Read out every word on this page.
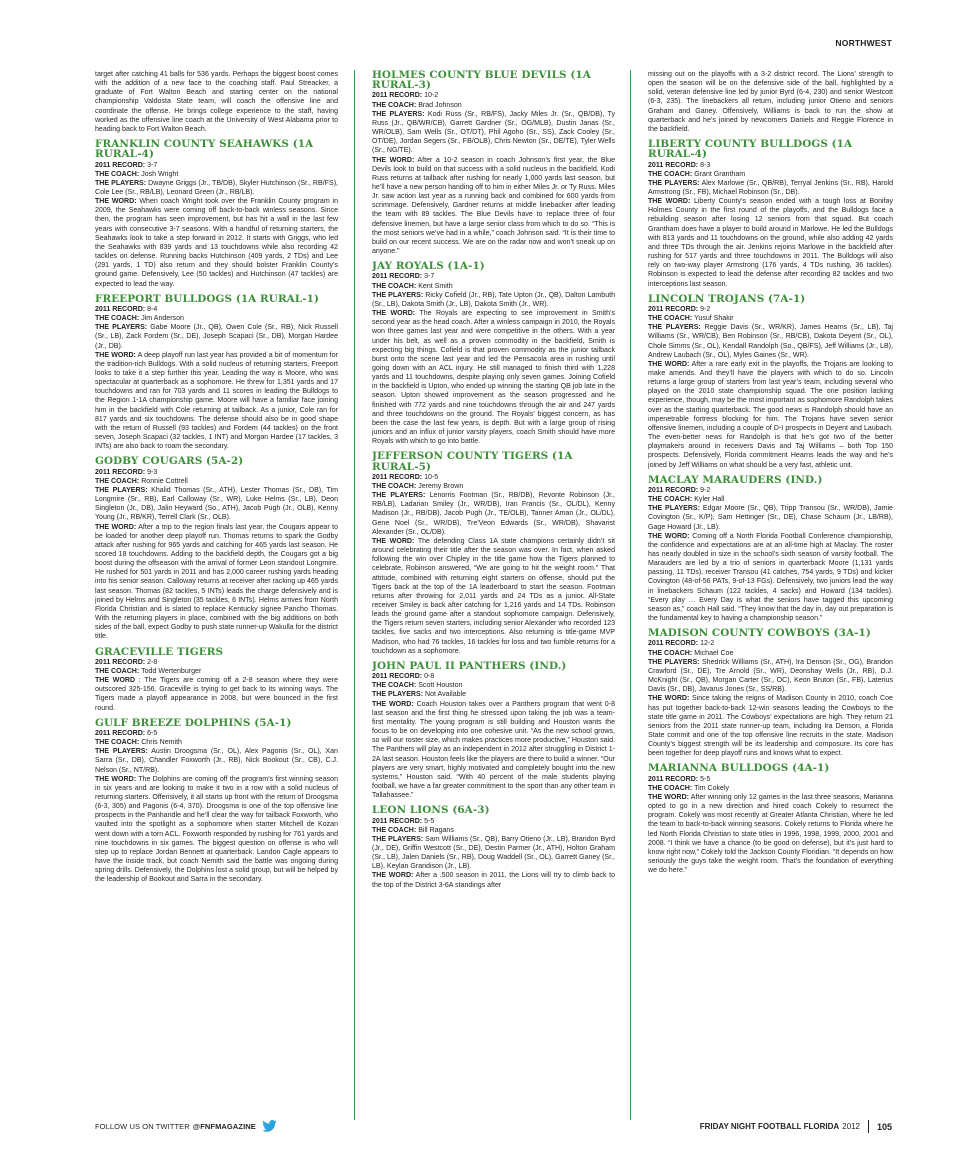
NORTHWEST

target after catching 41 balls for 536 yards. Perhaps the biggest boost comes with the addition of a new face to the coaching staff. Paul Streacker, a graduate of Fort Walton Beach and starting center on the national championship Valdosta State team, will coach the offensive line and coordinate the offense. He brings college experience to the staff, having worked as the offensive line coach at the University of West Alabama prior to heading back to Fort Walton Beach.

FRANKLIN COUNTY SEAHAWKS (1A RURAL-4)

2011 RECORD: 3-7

THE COACH: Josh Wright

THE PLAYERS: Dwayne Griggs (Jr., TB/DB), Skyler Hutchinson (Sr., RB/FS), Cole Lee (Sr., RB/LB), Leonard Green (Jr., RB/LB).

THE WORD: When coach Wright took over the Franklin County program in 2009, the Seahawks were coming off back-to-back winless seasons. Since then, the program has seen improvement, but has hit a wall in the last few years with consecutive 3-7 seasons. With a handful of returning starters, the Seahawks look to take a step forward in 2012. It starts with Griggs, who led the Seahawks with 839 yards and 13 touchdowns while also recording 42 tackles on defense. Running backs Hutchinson (409 yards, 2 TDs) and Lee (291 yards, 1 TD) also return and they should bolster Franklin County’s ground game. Defensively, Lee (50 tackles) and Hutchinson (47 tackles) are expected to lead the way.

FREEPORT BULLDOGS (1A RURAL-1)

2011 RECORD: 8-4

THE COACH: Jim Anderson

THE PLAYERS: Gabe Moore (Jr., QB), Owen Cole (Sr., RB), Nick Russell (Sr., LB), Zack Fordem (Sr., DE), Joseph Scapaci (Sr., DB), Morgan Hardee (Jr., DB).

THE WORD: A deep playoff run last year has provided a bit of momentum for the tradition-rich Bulldogs. With a solid nucleus of returning starters, Freeport looks to take it a step further this year. Leading the way is Moore, who was spectacular at quarterback as a sophomore. He threw for 1,351 yards and 17 touchdowns and ran for 703 yards and 11 scores in leading the Bulldogs to the Region 1-1A championship game. Moore will have a familiar face joining him in the backfield with Cole returning at tailback. As a junior, Cole ran for 817 yards and six touchdowns. The defense should also be in good shape with the return of Russell (93 tackles) and Fordem (44 tackles) on the front seven, Joseph Scapaci (32 tackles, 1 INT) and Morgan Hardee (17 tackles, 3 INTs) are also back to roam the secondary.

GODBY COUGARS (5A-2)

2011 RECORD: 9-3

THE COACH: Ronnie Cottrell

THE PLAYERS: Khalid Thomas (Sr., ATH), Lester Thomas (Sr., DB), Tim Longmire (Sr., RB), Earl Calloway (Sr., WR), Luke Helms (Sr., LB), Deon Singleton (Jr., DB), Jalin Heyward (So., ATH), Jacob Pugh (Jr., OLB), Kenny Young (Jr., RB/KR), Terrell Clark (Sr., OLB).

THE WORD: After a trip to the region finals last year, the Cougars appear to be loaded for another deep playoff run. Thomas returns to spark the Godby attack after rushing for 965 yards and catching for 465 yards last season. He scored 18 touchdowns. Adding to the backfield depth, the Cougars got a big boost during the offseason with the arrival of former Leon standout Longmire. He rushed for 501 yards in 2011 and has 2,000 career rushing yards heading into his senior season. Calloway returns at receiver after racking up 465 yards last season. Thomas (82 tackles, 5 INTs) leads the charge defensively and is joined by Helms and Singleton (35 tackles, 6 INTs). Helms arrives from North Florida Christian and is slated to replace Kentucky signee Pancho Thomas. With the returning players in place, combined with the big additions on both sides of the ball, expect Godby to push state runner-up Wakulla for the district title.

GRACEVILLE TIGERS

2011 RECORD: 2-8

THE COACH: Todd Wertenburger

THE WORD : The Tigers are coming off a 2-8 season where they were outscored 325-156. Graceville is trying to get back to its winning ways. The Tigers made a playoff appearance in 2008, but were bounced in the first round.

GULF BREEZE DOLPHINS (5A-1)

2011 RECORD: 6-5

THE COACH: Chris Nemith

THE PLAYERS: Austin Droogsma (Sr., OL), Alex Pagonis (Sr., OL), Xan Sarra (Sr., DB), Chandler Foxworth (Jr., RB), Nick Bookout (Sr., CB), C.J. Nelson (Sr., NT/RB).

THE WORD: The Dolphins are coming off the program’s first winning season in six years and are looking to make it two in a row with a solid nucleus of returning starters. Offensively, it all starts up front with the return of Droogsma (6-3, 305) and Pagonis (6-4, 370). Droogsma is one of the top offensive line prospects in the Panhandle and he’ll clear the way for tailback Foxworth, who vaulted into the spotlight as a sophomore when starter Mitchell de Kozan went down with a torn ACL. Foxworth responded by rushing for 761 yards and nine touchdowns in six games. The biggest question on offense is who will step up to replace Jordan Bennett at quarterback. Landon Cagle appears to have the inside track, but coach Nemith said the battle was ongoing during spring drills. Defensively, the Dolphins lost a solid group, but will be helped by the leadership of Bookout and Sarra in the secondary.

HOLMES COUNTY BLUE DEVILS (1A RURAL-3)

2011 RECORD: 10-2

THE COACH: Brad Johnson

THE PLAYERS: Kodi Russ (Sr., RB/FS), Jacky Miles Jr. (Sr., QB/DB), Ty Russ (Jr., QB/WR/CB), Garrett Gardner (Sr., OG/MLB), Dustin Janas (Sr., WR/OLB), Sam Wells (Sr., OT/DT), Phil Agoho (Sr., SS), Zack Cooley (Sr., OT/DE), Jordan Segers (Sr., FB/OLB), Chris Newton (Sr., DE/TE), Tyler Wells (Sr., NG/TE).

THE WORD: After a 10-2 season in coach Johnson’s first year, the Blue Devils look to build on that success with a solid nucleus in the backfield. Kodi Russ returns at tailback after rushing for nearly 1,000 yards last season, but he’ll have a new person handing off to him in either Miles Jr. or Ty Russ. Miles Jr. saw action last year as a running back and combined for 600 yards from scrimmage. Defensively, Gardner returns at middle linebacker after leading the team with 89 tackles. The Blue Devils have to replace three of four defensive linemen, but have a large senior class from which to do so. “This is the most seniors we’ve had in a while,” coach Johnson said. “It is their time to build on our recent success. We are on the radar now and won’t sneak up on anyone.”

JAY ROYALS (1A-1)

2011 RECORD: 3-7

THE COACH: Kent Smith

THE PLAYERS: Ricky Cofield (Jr., RB), Tate Upton (Jr., QB), Dalton Lambuth (Sr., LB), Dakota Smith (Jr., LB), Dakota Smith (Jr., WR).

THE WORD: The Royals are expecting to see improvement in Smith’s second year as the head coach. After a winless campaign in 2010, the Royals won three games last year and were competitive in the others. With a year under his belt, as well as a proven commodity in the backfield, Smith is expecting big things. Cofield is that proven commodity as the junior tailback burst onto the scene last year and led the Pensacola area in rushing until going down with an ACL injury. He still managed to finish third with 1,228 yards and 11 touchdowns, despite playing only seven games. Joining Cofield in the backfield is Upton, who ended up winning the starting QB job late in the season. Upton showed improvement as the season progressed and he finished with 772 yards and nine touchdowns through the air and 247 yards and three touchdowns on the ground. The Royals’ biggest concern, as has been the case the last few years, is depth. But with a large group of rising juniors and an influx of junior varsity players, coach Smith should have more Royals with which to go into battle.

JEFFERSON COUNTY TIGERS (1A RURAL-5)

2011 RECORD: 10-5

THE COACH: Jeremy Brown

THE PLAYERS: Lenorris Footman (Sr., RB/DB), Revonte Robinson (Jr., RB/LB), Ladarian Smiley (Jr., WR/DB), Iran Francis (Sr., OL/DL), Kenny Madison (Jr., RB/DB), Jacob Pugh (Jr., TE/OLB), Tanner Aman (Jr., OL/DL), Gene Noel (Sr., WR/DB), Tre’Veon Edwards (Sr., WR/DB), Shavarist Alexander (Sr., OL/DB).

THE WORD: The defending Class 1A state champions certainly didn’t sit around celebrating their title after the season was over. In fact, when asked following the win over Chipley in the title game how the Tigers planned to celebrate, Robinson answered, “We are going to hit the weight room.” That attitude, combined with returning eight starters on offense, should put the Tigers back at the top of the 1A leaderboard to start the season. Footman returns after throwing for 2,011 yards and 24 TDs as a junior. All-State receiver Smiley is back after catching for 1,216 yards and 14 TDs. Robinson leads the ground game after a standout sophomore campaign. Defensively, the Tigers return seven starters, including senior Alexander who recorded 123 tackles, five sacks and two interceptions. Also returning is title-game MVP Madison, who had 76 tackles, 16 tackles for loss and two fumble returns for a touchdown as a sophomore.

JOHN PAUL II PANTHERS (IND.)

2011 RECORD: 0-8

THE COACH: Scott Houston

THE PLAYERS: Not Available

THE WORD: Coach Houston takes over a Panthers program that went 0-8 last season and the first thing he stressed upon taking the job was a team-first mentality. The young program is still building and Houston wants the focus to be on developing into one cohesive unit. “As the new school grows, so will our roster size, which makes practices more productive,” Houston said. The Panthers will play as an independent in 2012 after struggling in District 1-2A last season. Houston feels like the players are there to build a winner. “Our players are very smart, highly motivated and completely bought into the new systems,” Houston said. “With 40 percent of the male students playing football, we have a far greater commitment to the sport than any other team in Tallahassee.”

LEON LIONS (6A-3)

2011 RECORD: 5-5

THE COACH: Bill Ragans

THE PLAYERS: Sam Williams (Sr., QB), Barry Otieno (Jr., LB), Brandon Byrd (Jr., DE), Griffin Westcott (Sr., DE), Destin Parmer (Jr., ATH), Holton Graham (Sr., LB), Jalen Daniels (Sr., RB), Doug Waddell (Sr., OL), Garrett Ganey (Sr., LB), Keylan Grandison (Jr., LB).

THE WORD: After a .500 season in 2011, the Lions will try to climb back to the top of the District 3-6A standings after

missing out on the playoffs with a 3-2 district record. The Lions’ strength to open the season will be on the defensive side of the ball, highlighted by a solid, veteran defensive line led by junior Byrd (6-4, 230) and senior Westcott (6-3, 235). The linebackers all return, including junior Otieno and seniors Graham and Ganey. Offensively, Williams is back to run the show at quarterback and he’s joined by newcomers Daniels and Reggie Florence in the backfield.

LIBERTY COUNTY BULLDOGS (1A RURAL-4)

2011 RECORD: 8-3

THE COACH: Grant Grantham

THE PLAYERS: Alex Marlowe (Sr., QB/RB), Terryal Jenkins (Sr., RB), Harold Armstrong (Sr., FB), Michael Robinson (Sr., DB).

THE WORD: Liberty County’s season ended with a tough loss at Bonifay Holmes County in the first round of the playoffs, and the Bulldogs face a rebuilding season after losing 12 seniors from that squad. But coach Grantham does have a player to build around in Marlowe. He led the Bulldogs with 813 yards and 11 touchdowns on the ground, while also adding 42 yards and three TDs through the air. Jenkins rejoins Marlowe in the backfield after rushing for 517 yards and three touchdowns in 2011. The Bulldogs will also rely on two-way player Armstrong (176 yards, 4 TDs rushing, 36 tackles). Robinson is expected to lead the defense after recording 82 tackles and two interceptions last season.

LINCOLN TROJANS (7A-1)

2011 RECORD: 9-2

THE COACH: Yusuf Shakir

THE PLAYERS: Reggie Davis (Sr., WR/KR), James Hearns (Sr., LB), Taj Williams (Sr., WR/CB), Ben Robinson (Sr., RB/CB), Dakota Deyent (Sr., OL), Chole Simms (Sr., OL), Kendall Randolph (So., QB/FS), Jeff Williams (Jr., LB), Andrew Laubach (Sr., OL), Myles Gaines (Sr., WR).

THE WORD: After a rare early exit in the playoffs, the Trojans are looking to make amends. And they’ll have the players with which to do so. Lincoln returns a large group of starters from last year’s team, including several who played on the 2010 state championship squad. The one position lacking experience, though, may be the most important as sophomore Randolph takes over as the starting quarterback. The good news is Randolph should have an impenetrable fortress blocking for him. The Trojans have seven senior offensive linemen, including a couple of D-I prospects in Deyent and Laubach. The even-better news for Randolph is that he’s got two of the better playmakers around in receivers Davis and Taj Williams – both Top 150 prospects. Defensively, Florida commitment Hearns leads the way and he’s joined by Jeff Williams on what should be a very fast, athletic unit.

MACLAY MARAUDERS (IND.)

2011 RECORD: 9-2

THE COACH: Kyler Hall

THE PLAYERS: Edgar Moore (Sr., QB), Tripp Transou (Sr., WR/DB), Jamie Covington (Sr., K/P), Sam Hettinger (Sr., DE), Chase Schaum (Jr., LB/RB), Gage Howard (Jr., LB).

THE WORD: Coming off a North Florida Football Conference championship, the confidence and expectations are at an all-time high at Maclay. The roster has nearly doubled in size in the school’s sixth season of varsity football. The Marauders are led by a trio of seniors in quarterback Moore (1,131 yards passing, 11 TDs), receiver Transou (41 catches, 754 yards, 9 TDs) and kicker Covington (48-of-56 PATs, 9-of-13 FGs). Defensively, two juniors lead the way in linebackers Schaum (122 tackles, 4 sacks) and Howard (134 tackles). “Every play … Every Day is what the seniors have tagged this upcoming season as,” coach Hall said. “They know that the day in, day out preparation is the fundamental key to having a championship season.”

MADISON COUNTY COWBOYS (3A-1)

2011 RECORD: 12-2

THE COACH: Michael Coe

THE PLAYERS: Shedrick Williams (Sr., ATH), Ira Denson (Sr., OG), Brandon Crawford (Sr., DE), Tre Arnold (Sr., WR), Deonshay Wells (Jr., RB), D.J. McKnight (Sr., QB), Morgan Carter (Sr., OC), Keon Bruton (Sr., FB), Laterius Davis (Sr., DB), Javarus Jones (Sr., SS/RB).

THE WORD: Since taking the reigns of Madison County in 2010, coach Coe has put together back-to-back 12-win seasons leading the Cowboys to the state title game in 2011. The Cowboys’ expectations are high. They return 21 seniors from the 2011 state runner-up team, including Ira Denson, a Florida State commit and one of the top offensive line recruits in the state. Madison County’s biggest strength will be its leadership and composure. Its core has been together for deep playoff runs and knows what to expect.

MARIANNA BULLDOGS (4A-1)

2011 RECORD: 5-5

THE COACH: Tim Cokely

THE WORD: After winning only 12 games in the last three seasons, Marianna opted to go in a new direction and hired coach Cokely to resurrect the program. Cokely was most recently at Greater Atlanta Christian, where he led the team to back-to-back winning seasons. Cokely returns to Florida where he led North Florida Christian to state titles in 1996, 1998, 1999, 2000, 2001 and 2008. “I think we have a chance (to be good on defense), but it’s just hard to know right now,” Cokely told the Jackson County Floridian. “It depends on how seriously the guys take the weight room. That’s the foundation of everything we do here.”

FOLLOW US ON TWITTER @FNFMAGAZINE	FRIDAY NIGHT FOOTBALL FLORIDA 2012 105
